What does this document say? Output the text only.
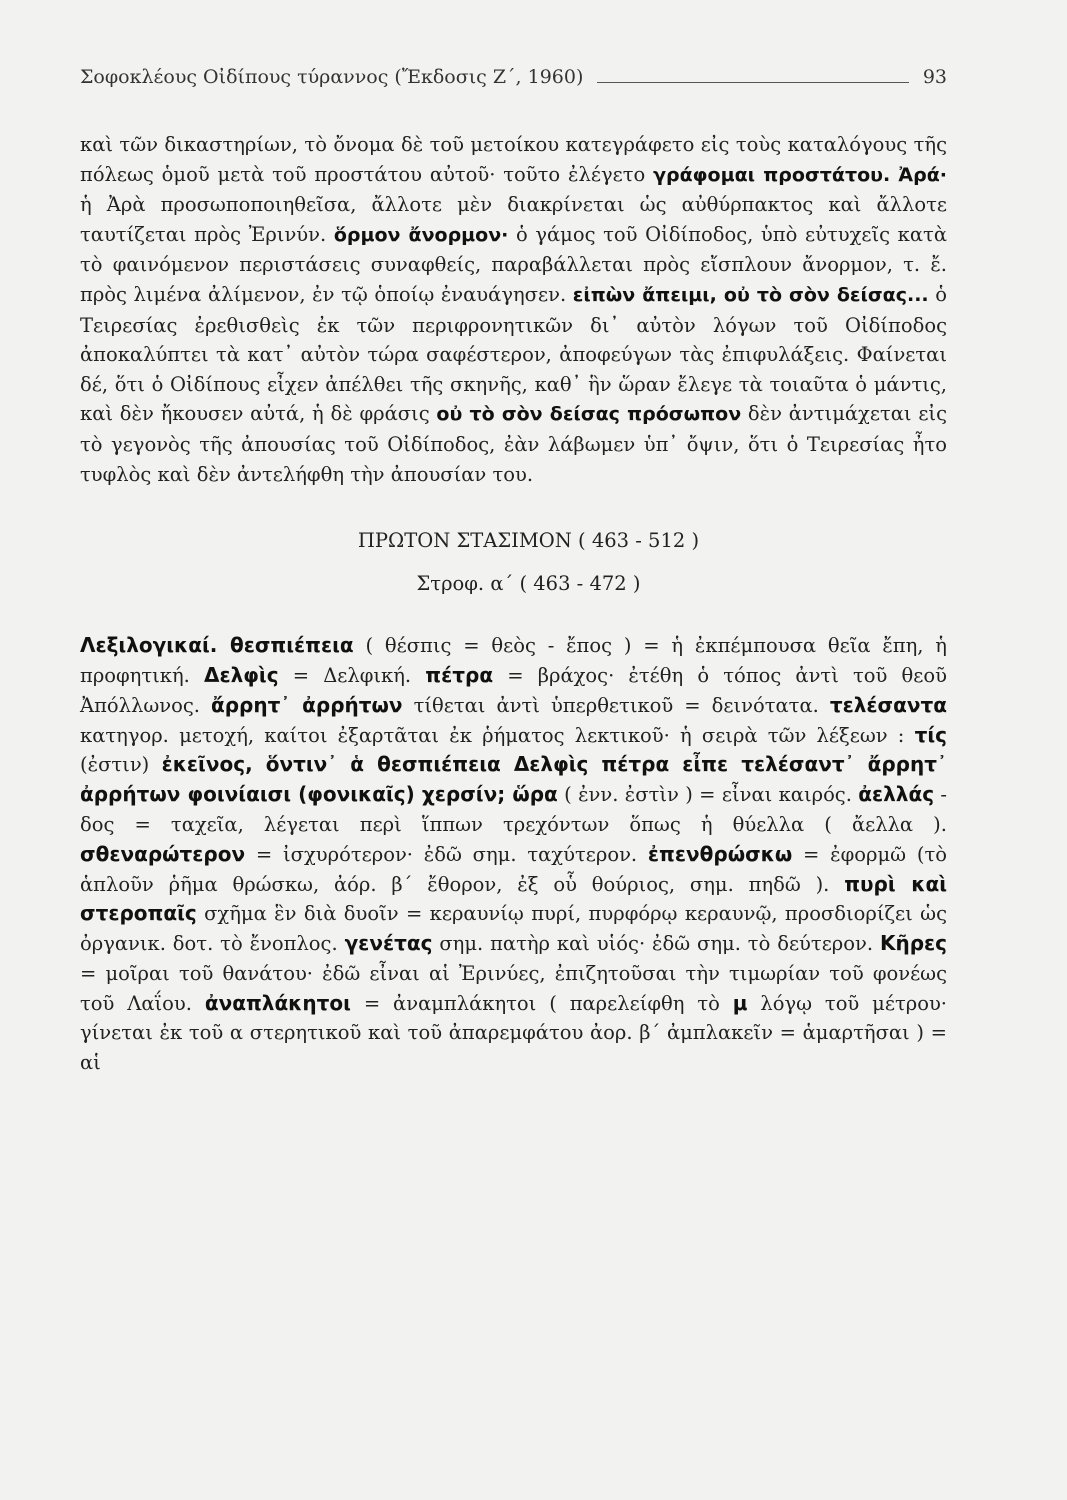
Σοφοκλέους Οἰδίπους τύραννος (Ἔκδοσις Ζ΄, 1960)	93

καὶ τῶν δικαστηρίων, τὸ ὄνομα δὲ τοῦ μετοίκου κατεγράφετο εἰς τοὺς καταλόγους τῆς πόλεως ὁμοῦ μετὰ τοῦ προστάτου αὐτοῦ· τοῦτο ἐλέγετο γράφομαι προστάτου. Ἀρά· ἡ Ἀρὰ προσωποποιηθεῖσα, ἄλλοτε μὲν διακρίνεται ὡς αὐθύρπακτος καὶ ἄλλοτε ταυτίζεται πρὸς Ἐρινύν. ὅρμον ἄνορμον· ὁ γάμος τοῦ Οἰδίποδος, ὑπὸ εὐτυχεῖς κατὰ τὸ φαινόμενον περιστάσεις συναφθείς, παραβάλλεται πρὸς εἴσπλουν ἄνορμον, τ. ἔ. πρὸς λιμένα ἀλίμενον, ἐν τῷ ὁποίῳ ἐναυάγησεν. εἰπὼν ἄπειμι, οὐ τὸ σὸν δείσας... ὁ Τειρεσίας ἐρεθισθεὶς ἐκ τῶν περιφρονητικῶν δι᾽ αὐτὸν λόγων τοῦ Οἰδίποδος ἀποκαλύπτει τὰ κατ᾽ αὐτὸν τώρα σαφέστερον, ἀποφεύγων τὰς ἐπιφυλάξεις. Φαίνεται δέ, ὅτι ὁ Οἰδίπους εἶχεν ἀπέλθει τῆς σκηνῆς, καθ᾽ ἣν ὥραν ἔλεγε τὰ τοιαῦτα ὁ μάντις, καὶ δὲν ἤκουσεν αὐτά, ἡ δὲ φράσις οὐ τὸ σὸν δείσας πρόσωπον δὲν ἀντιμάχεται εἰς τὸ γεγονὸς τῆς ἀπουσίας τοῦ Οἰδίποδος, ἐὰν λάβωμεν ὑπ᾽ ὄψιν, ὅτι ὁ Τειρεσίας ἦτο τυφλὸς καὶ δὲν ἀντελήφθη τὴν ἀπουσίαν του.

ΠΡΩΤΟΝ ΣΤΑΣΙΜΟΝ ( 463 - 512 )
Στροφ. α΄ ( 463 - 472 )

Λεξιλογικαί. θεσπιέπεια ( θέσπις = θεὸς - ἔπος ) = ἡ ἐκπέμπουσα θεῖα ἔπη, ἡ προφητική. Δελφὶς = Δελφική. πέτρα = βράχος· ἐτέθη ὁ τόπος ἀντὶ τοῦ θεοῦ Ἀπόλλωνος. ἄρρητ᾽ ἀρρήτων τίθεται ἀντὶ ὑπερθετικοῦ = δεινότατα. τελέσαντα κατηγορ. μετοχή, καίτοι ἐξαρτᾶται ἐκ ῥήματος λεκτικοῦ· ἡ σειρὰ τῶν λέξεων : τίς (ἐστιν) ἐκεῖνος, ὅντιν᾽ ἁ θεσπιέπεια Δελφὶς πέτρα εἶπε τελέσαντ᾽ ἄρρητ᾽ ἀρρήτων φοινίαισι (φονικαῖς) χερσίν; ὥρα ( ἐνν. ἐστὶν ) = εἶναι καιρός. ἀελλάς - δος = ταχεῖα, λέγεται περὶ ἵππων τρεχόντων ὅπως ἡ θύελλα ( ἄελλα ). σθεναρώτερον = ἰσχυρότερον· ἐδῶ σημ. ταχύτερον. ἐπενθρώσκω = ἐφορμῶ (τὸ ἁπλοῦν ῥῆμα θρώσκω, ἀόρ. β΄ ἔθορον, ἐξ οὗ θούριος, σημ. πηδῶ ). πυρὶ καὶ στεροπαῖς σχῆμα ἓν διὰ δυοῖν = κεραυνίῳ πυρί, πυρφόρῳ κεραυνῷ, προσδιορίζει ὡς ὀργανικ. δοτ. τὸ ἔνοπλος. γενέτας σημ. πατὴρ καὶ υἱός· ἐδῶ σημ. τὸ δεύτερον. Κῆρες = μοῖραι τοῦ θανάτου· ἐδῶ εἶναι αἱ Ἐρινύες, ἐπιζητοῦσαι τὴν τιμωρίαν τοῦ φονέως τοῦ Λαΐου. ἀναπλάκητοι = ἀναμπλάκητοι ( παρελείφθη τὸ μ λόγῳ τοῦ μέτρου· γίνεται ἐκ τοῦ α στερητικοῦ καὶ τοῦ ἀπαρεμφάτου ἀορ. β΄ ἀμπλακεῖν = ἁμαρτῆσαι ) = αἱ
